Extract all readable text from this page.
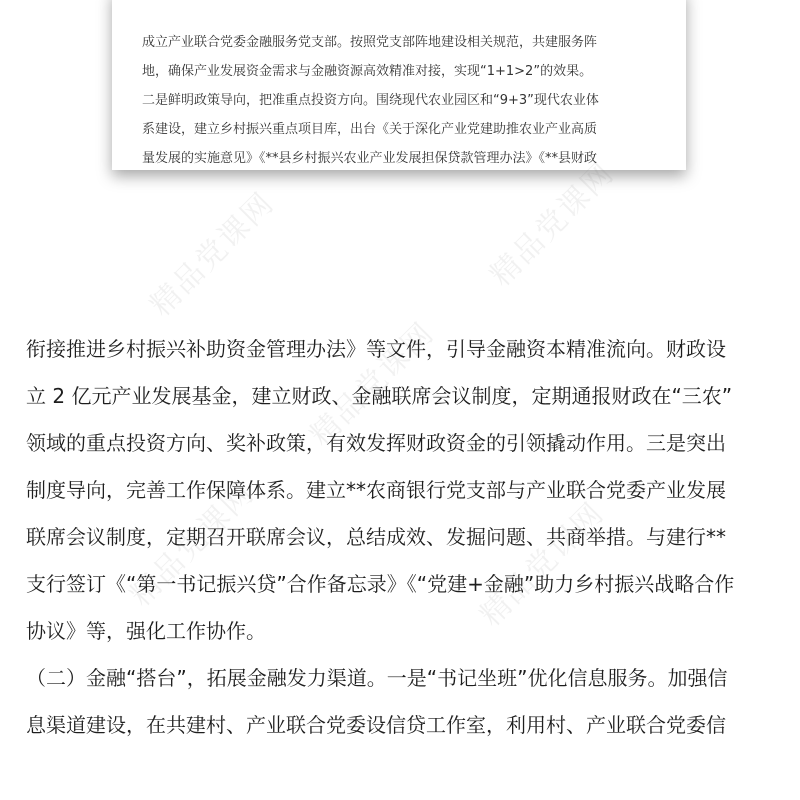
成立产业联合党委金融服务党支部。按照党支部阵地建设相关规范，共建服务阵

地，确保产业发展资金需求与金融资源高效精准对接，实现“1+1>2”的效果。

二是鲜明政策导向，把准重点投资方向。围绕现代农业园区和“9+3”现代农业体

系建设，建立乡村振兴重点项目库，出台《关于深化产业党建助推农业产业高质

量发展的实施意见》《**县乡村振兴农业产业发展担保贷款管理办法》《**县财政

衔接推进乡村振兴补助资金管理办法》等文件，引导金融资本精准流向。财政设

立 2 亿元产业发展基金，建立财政、金融联席会议制度，定期通报财政在“三农”

领域的重点投资方向、奖补政策，有效发挥财政资金的引领撬动作用。三是突出

制度导向，完善工作保障体系。建立**农商银行党支部与产业联合党委产业发展

联席会议制度，定期召开联席会议，总结成效、发掘问题、共商举措。与建行**

支行签订《“第一书记振兴贷”合作备忘录》《“党建+金融”助力乡村振兴战略合作

协议》等，强化工作协作。

（二）金融“搭台”，拓展金融发力渠道。一是“书记坐班”优化信息服务。加强信

息渠道建设，在共建村、产业联合党委设信贷工作室，利用村、产业联合党委信

精品党课网	精品党课网
精品党课网
精品党课网	精品党课网
